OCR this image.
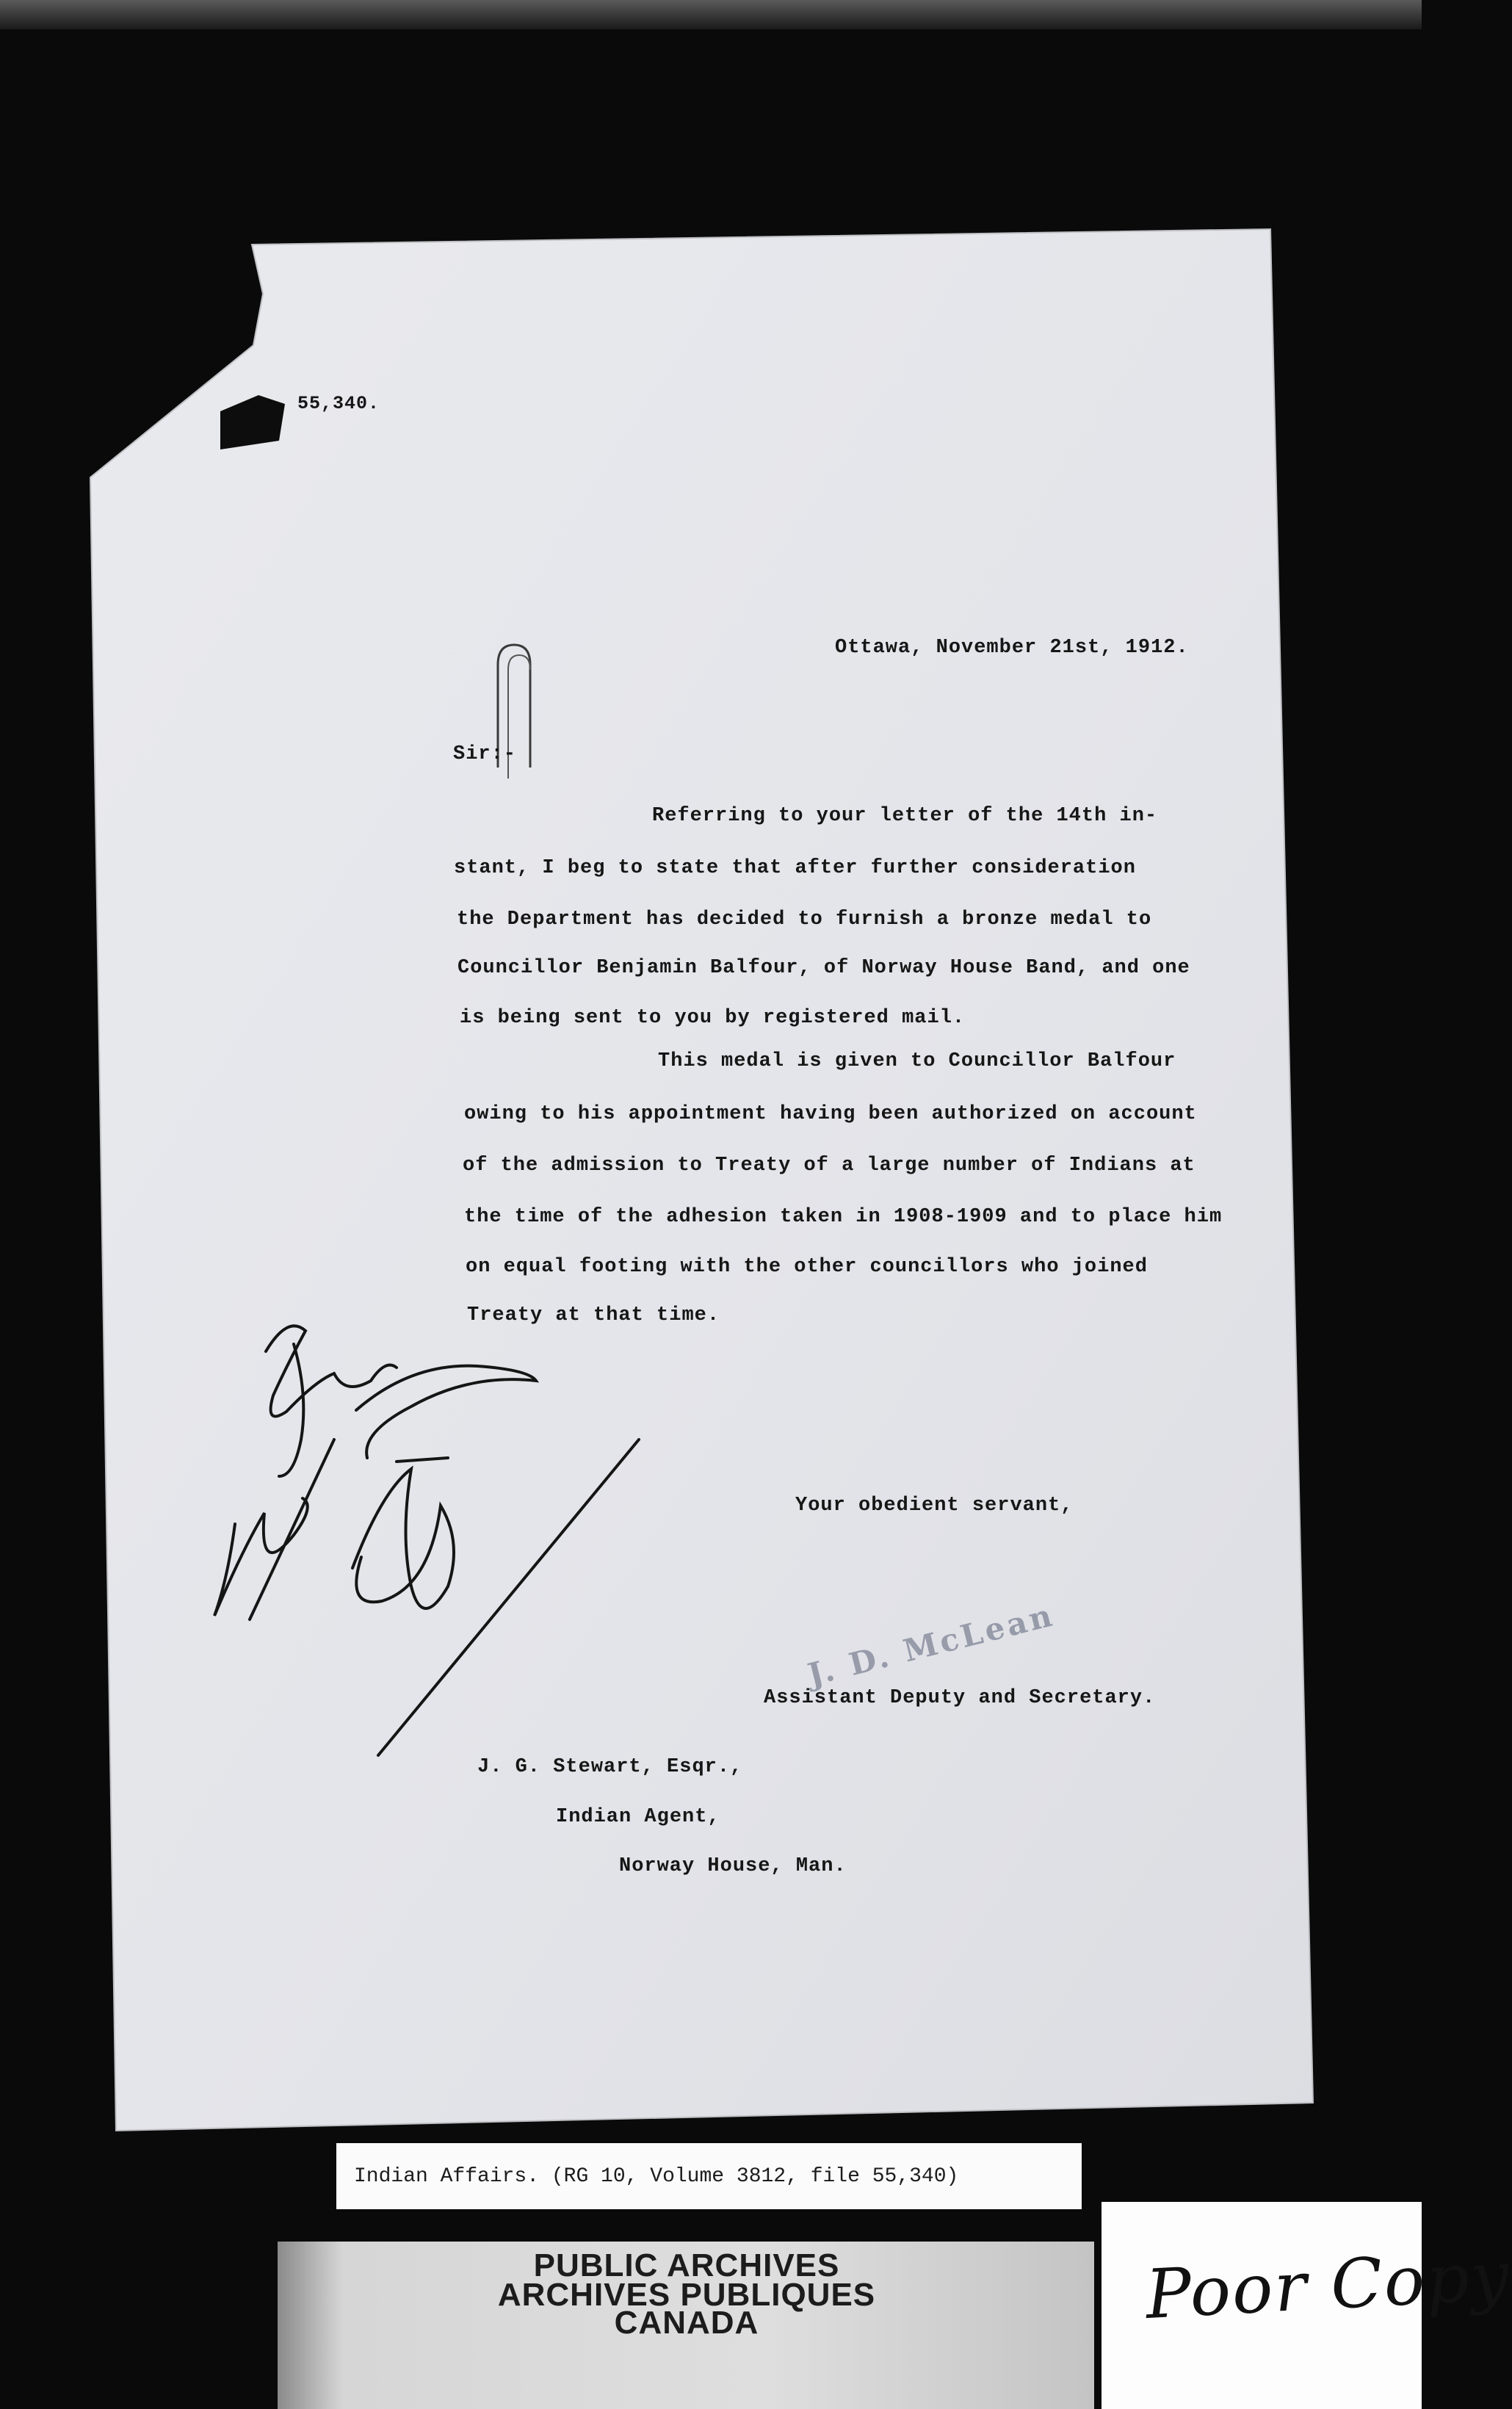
55,340.

Ottawa, November 21st, 1912.

Sir:-

Referring to your letter of the 14th in-

stant, I beg to state that after further consideration

the Department has decided to furnish a bronze medal to

Councillor Benjamin Balfour, of Norway House Band, and one

is being sent to you by registered mail.

This medal is given to Councillor Balfour

owing to his appointment having been authorized on account

of the admission to Treaty of a large number of Indians at

the time of the adhesion taken in 1908-1909 and to place him

on equal footing with the other councillors who joined

Treaty at that time.

Your obedient servant,

J. D. McLean

Assistant Deputy and Secretary.

J. G. Stewart, Esqr.,

Indian Agent,

Norway House, Man.

Indian Affairs. (RG 10, Volume 3812, file 55,340)

PUBLIC ARCHIVES

ARCHIVES PUBLIQUES

CANADA	Poor Copy
